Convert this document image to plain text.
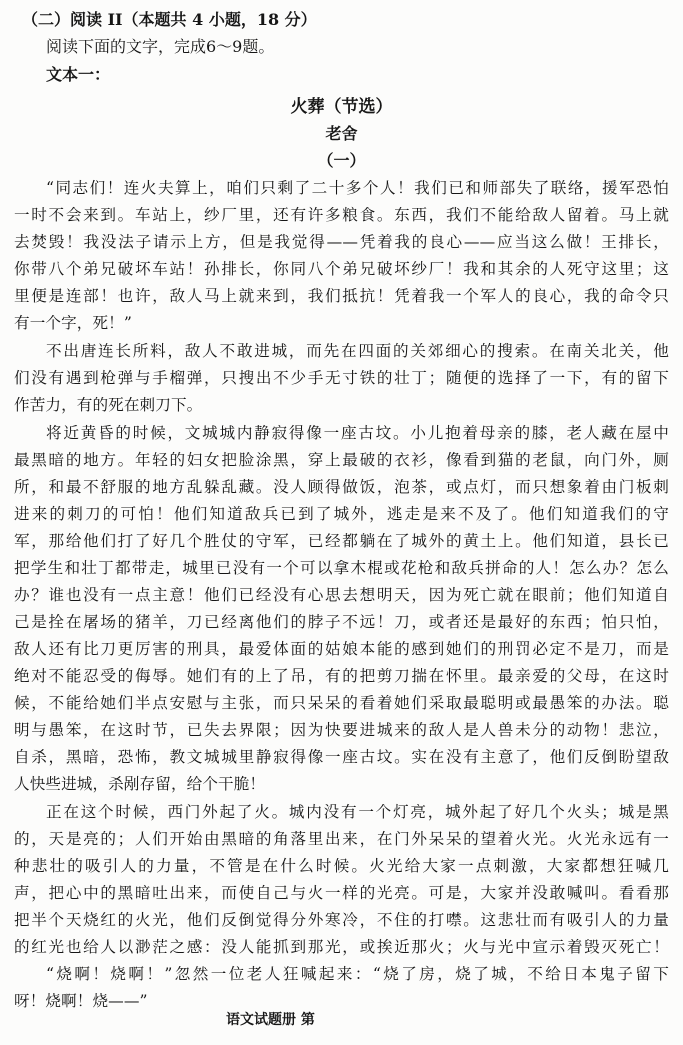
（二）阅读 II（本题共 4 小题，18 分）
阅读下面的文字，完成6～9题。
文本一：
火葬（节选）
老舍
（一）
“同志们！连火夫算上，咱们只剩了二十多个人！我们已和师部失了联络，援军恐怕
一时不会来到。车站上，纱厂里，还有许多粮食。东西，我们不能给敌人留着。马上就
去焚毁！我没法子请示上方，但是我觉得——凭着我的良心——应当这么做！王排长，
你带八个弟兄破坏车站！孙排长，你同八个弟兄破坏纱厂！我和其余的人死守这里；这
里便是连部！也许，敌人马上就来到，我们抵抗！凭着我一个军人的良心，我的命令只
有一个字，死！”
不出唐连长所料，敌人不敢进城，而先在四面的关郊细心的搜索。在南关北关，他
们没有遇到枪弹与手榴弹，只搜出不少手无寸铁的壮丁；随便的选择了一下，有的留下
作苦力，有的死在刺刀下。
将近黄昏的时候，文城城内静寂得像一座古坟。小儿抱着母亲的膝，老人藏在屋中
最黑暗的地方。年轻的妇女把脸涂黑，穿上最破的衣衫，像看到猫的老鼠，向门外，厕
所，和最不舒服的地方乱躲乱藏。没人顾得做饭，泡茶，或点灯，而只想象着由门板刺
进来的刺刀的可怕！他们知道敌兵已到了城外，逃走是来不及了。他们知道我们的守
军，那给他们打了好几个胜仗的守军，已经都躺在了城外的黄土上。他们知道，县长已
把学生和壮丁都带走，城里已没有一个可以拿木棍或花枪和敌兵拼命的人！怎么办？怎么
办？谁也没有一点主意！他们已经没有心思去想明天，因为死亡就在眼前；他们知道自
己是拴在屠场的猪羊，刀已经离他们的脖子不远！刀，或者还是最好的东西；怕只怕，
敌人还有比刀更厉害的刑具，最爱体面的姑娘本能的感到她们的刑罚必定不是刀，而是
绝对不能忍受的侮辱。她们有的上了吊，有的把剪刀揣在怀里。最亲爱的父母，在这时
候，不能给她们半点安慰与主张，而只呆呆的看着她们采取最聪明或最愚笨的办法。聪
明与愚笨，在这时节，已失去界限；因为快要进城来的敌人是人兽未分的动物！悲泣，
自杀，黑暗，恐怖，教文城城里静寂得像一座古坟。实在没有主意了，他们反倒盼望敌
人快些进城，杀剐存留，给个干脆！
正在这个时候，西门外起了火。城内没有一个灯亮，城外起了好几个火头；城是黑
的，天是亮的；人们开始由黑暗的角落里出来，在门外呆呆的望着火光。火光永远有一
种悲壮的吸引人的力量，不管是在什么时候。火光给大家一点刺激，大家都想狂喊几
声，把心中的黑暗吐出来，而使自己与火一样的光亮。可是，大家并没敢喊叫。看看那
把半个天烧红的火光，他们反倒觉得分外寒冷，不住的打噤。这悲壮而有吸引人的力量
的红光也给人以渺茫之感：没人能抓到那光，或挨近那火；火与光中宣示着毁灭死亡！
“烧啊！烧啊！”忽然一位老人狂喊起来：“烧了房，烧了城，不给日本鬼子留下
呀！烧啊！烧——”
语文试题册 第
